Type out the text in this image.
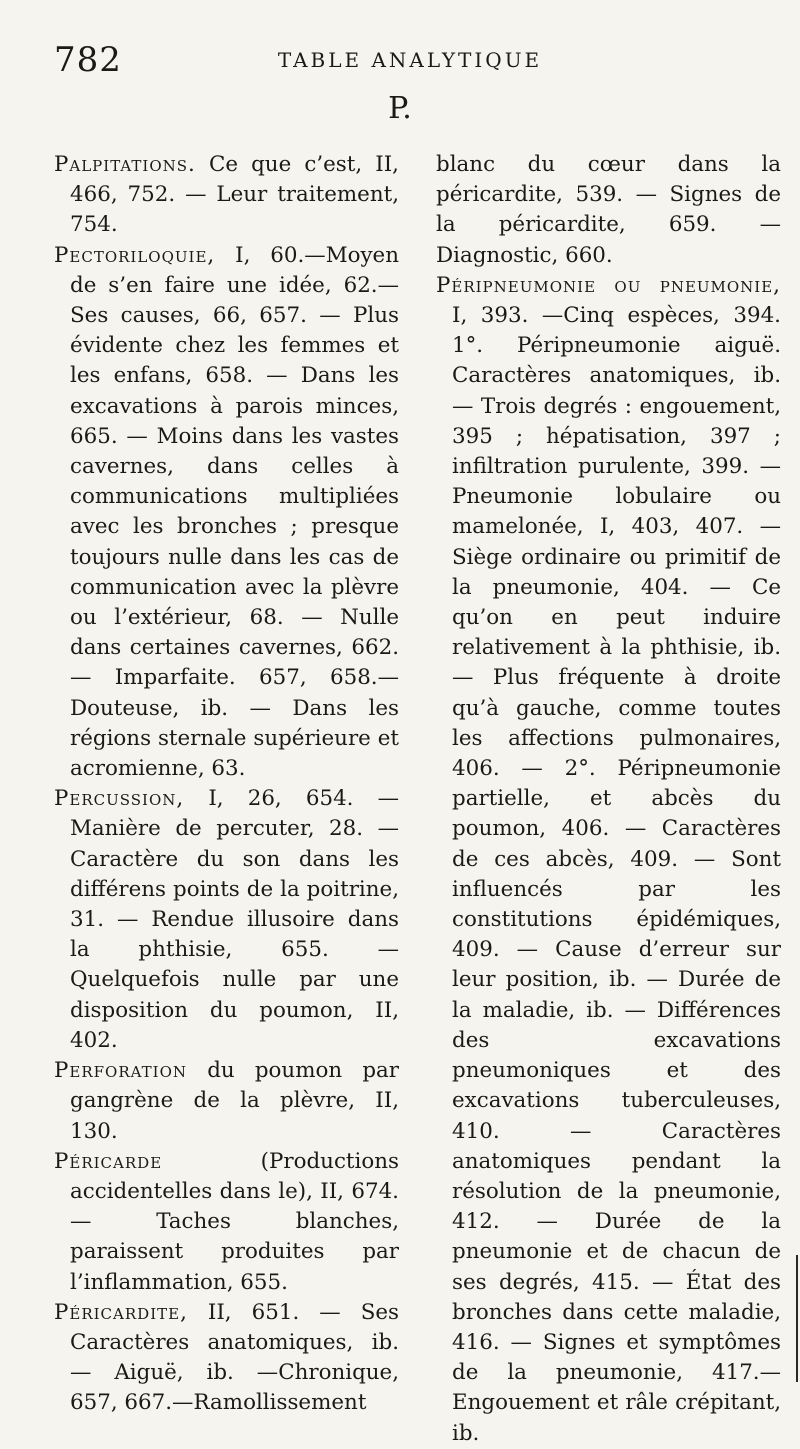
782	TABLE ANALYTIQUE
P.

Palpitations. Ce que c’est, II, 466, 752. — Leur traitement, 754.

Pectoriloquie, I, 60.—Moyen de s’en faire une idée, 62.— Ses causes, 66, 657. — Plus évidente chez les femmes et les enfans, 658. — Dans les excavations à parois minces, 665. — Moins dans les vastes cavernes, dans celles à communications multipliées avec les bronches ; presque toujours nulle dans les cas de communication avec la plèvre ou l’extérieur, 68. — Nulle dans certaines cavernes, 662. — Imparfaite. 657, 658.—Douteuse, ib. — Dans les régions sternale supérieure et acromienne, 63.

Percussion, I, 26, 654. —Manière de percuter, 28. — Caractère du son dans les différens points de la poitrine, 31. — Rendue illusoire dans la phthisie, 655. — Quelquefois nulle par une disposition du poumon, II, 402.

Perforation du poumon par gangrène de la plèvre, II, 130.

Péricarde (Productions accidentelles dans le), II, 674. — Taches blanches, paraissent produites par l’inflammation, 655.

Péricardite, II, 651. — Ses Caractères anatomiques, ib. — Aiguë, ib. —Chronique, 657, 667.—Ramollissement

blanc du cœur dans la péricardite, 539. — Signes de la péricardite, 659. — Diagnostic, 660.

Péripneumonie ou pneumonie, I, 393. —Cinq espèces, 394. 1°. Péripneumonie aiguë. Caractères anatomiques, ib. — Trois degrés : engouement, 395 ; hépatisation, 397 ; infiltration purulente, 399. — Pneumonie lobulaire ou mamelonée, I, 403, 407. — Siège ordinaire ou primitif de la pneumonie, 404. — Ce qu’on en peut induire relativement à la phthisie, ib. — Plus fréquente à droite qu’à gauche, comme toutes les affections pulmonaires, 406. — 2°. Péripneumonie partielle, et abcès du poumon, 406. — Caractères de ces abcès, 409. — Sont influencés par les constitutions épidémiques, 409. — Cause d’erreur sur leur position, ib. — Durée de la maladie, ib. — Différences des excavations pneumoniques et des excavations tuberculeuses, 410. — Caractères anatomiques pendant la résolution de la pneumonie, 412. — Durée de la pneumonie et de chacun de ses degrés, 415. — État des bronches dans cette maladie, 416. — Signes et symptômes de la pneumonie, 417.—Engouement et râle crépitant, ib.
